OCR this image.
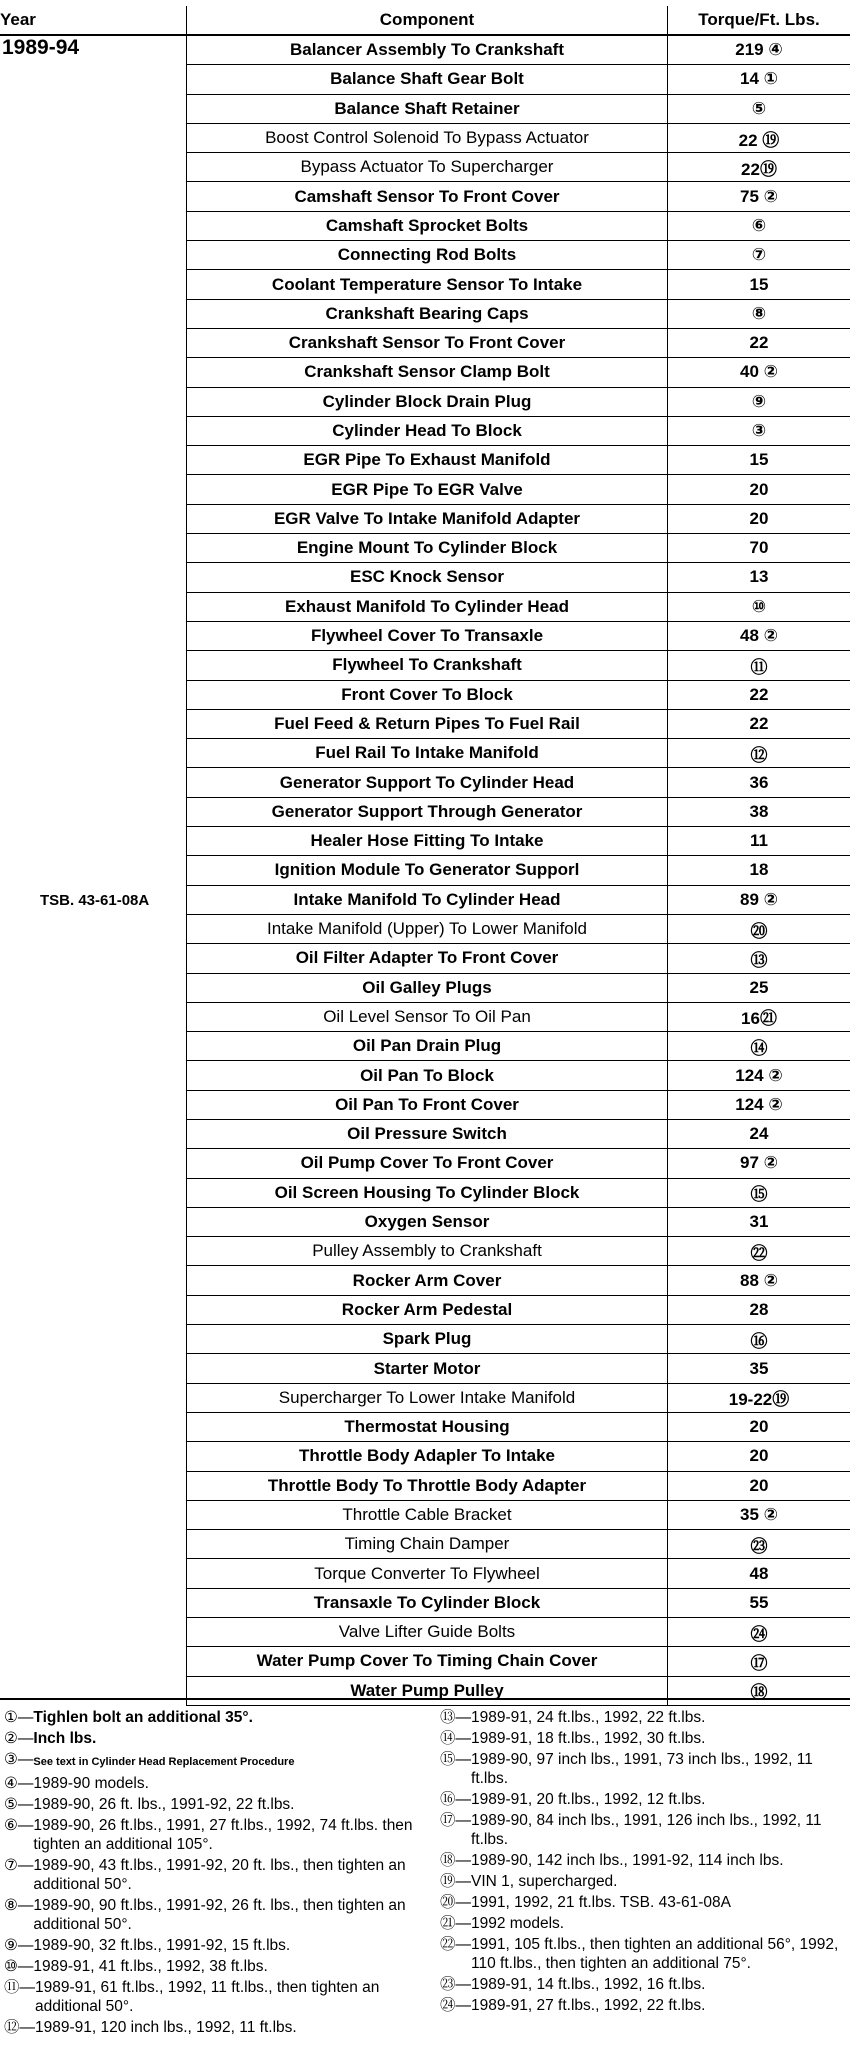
Year	Component	Torque/Ft. Lbs.

1989-94
TSB. 43-61-08A	Balancer Assembly To Crankshaft	219 ④
	Balance Shaft Gear Bolt	14 ①
	Balance Shaft Retainer	⑤
	Boost Control Solenoid To Bypass Actuator	22 ⑲
	Bypass Actuator To Supercharger	22⑲
	Camshaft Sensor To Front Cover	75 ②
	Camshaft Sprocket Bolts	⑥
	Connecting Rod Bolts	⑦
	Coolant Temperature Sensor To Intake	15
	Crankshaft Bearing Caps	⑧
	Crankshaft Sensor To Front Cover	22
	Crankshaft Sensor Clamp Bolt	40 ②
	Cylinder Block Drain Plug	⑨
	Cylinder Head To Block	③
	EGR Pipe To Exhaust Manifold	15
	EGR Pipe To EGR Valve	20
	EGR Valve To Intake Manifold Adapter	20
	Engine Mount To Cylinder Block	70
	ESC Knock Sensor	13
	Exhaust Manifold To Cylinder Head	⑩
	Flywheel Cover To Transaxle	48 ②
	Flywheel To Crankshaft	⑪
	Front Cover To Block	22
	Fuel Feed & Return Pipes To Fuel Rail	22
	Fuel Rail To Intake Manifold	⑫
	Generator Support To Cylinder Head	36
	Generator Support Through Generator	38
	Healer Hose Fitting To Intake	11
	Ignition Module To Generator Supporl	18
	Intake Manifold To Cylinder Head	89 ②
	Intake Manifold (Upper) To Lower Manifold	⑳
	Oil Filter Adapter To Front Cover	⑬
	Oil Galley Plugs	25
	Oil Level Sensor To Oil Pan	16㉑
	Oil Pan Drain Plug	⑭
	Oil Pan To Block	124 ②
	Oil Pan To Front Cover	124 ②
	Oil Pressure Switch	24
	Oil Pump Cover To Front Cover	97 ②
	Oil Screen Housing To Cylinder Block	⑮
	Oxygen Sensor	31
	Pulley Assembly to Crankshaft	㉒
	Rocker Arm Cover	88 ②
	Rocker Arm Pedestal	28
	Spark Plug	⑯
	Starter Motor	35
	Supercharger To Lower Intake Manifold	19-22⑲
	Thermostat Housing	20
	Throttle Body Adapler To Intake	20
	Throttle Body To Throttle Body Adapter	20
	Throttle Cable Bracket	35 ②
	Timing Chain Damper	㉓
	Torque Converter To Flywheel	48
	Transaxle To Cylinder Block	55
	Valve Lifter Guide Bolts	㉔
	Water Pump Cover To Timing Chain Cover	⑰
	Water Pump Pulley	⑱
① — Tighlen bolt an additional 35°.
② — Inch lbs.
③ — See text in Cylinder Head Replacement Procedure
④ — 1989-90 models.
⑤ — 1989-90, 26 ft. lbs., 1991-92, 22 ft.lbs.
⑥ — 1989-90, 26 ft.lbs., 1991, 27 ft.lbs., 1992, 74 ft.lbs. then tighten an additional 105°.
⑦ — 1989-90, 43 ft.lbs., 1991-92, 20 ft. lbs., then tighten an additional 50°.
⑧ — 1989-90, 90 ft.lbs., 1991-92, 26 ft. lbs., then tighten an additional 50°.
⑨ — 1989-90, 32 ft.lbs., 1991-92, 15 ft.lbs.
⑩ — 1989-91, 41 ft.lbs., 1992, 38 ft.lbs.
⑪ — 1989-91, 61 ft.lbs., 1992, 11 ft.lbs., then tighten an additional 50°.
⑫ — 1989-91, 120 inch lbs., 1992, 11 ft.lbs.
⑬ — 1989-91, 24 ft.lbs., 1992, 22 ft.lbs.
⑭ — 1989-91, 18 ft.lbs., 1992, 30 ft.lbs.
⑮ — 1989-90, 97 inch lbs., 1991, 73 inch lbs., 1992, 11 ft.lbs.
⑯ — 1989-91, 20 ft.lbs., 1992, 12 ft.lbs.
⑰ — 1989-90, 84 inch lbs., 1991, 126 inch lbs., 1992, 11 ft.lbs.
⑱ — 1989-90, 142 inch lbs., 1991-92, 114 inch lbs.
⑲ — VIN 1, supercharged.
⑳ — 1991, 1992, 21 ft.lbs. TSB. 43-61-08A
㉑ — 1992 models.
㉒ — 1991, 105 ft.lbs., then tighten an additional 56°, 1992, 110 ft.lbs., then tighten an additional 75°.
㉓ — 1989-91, 14 ft.lbs., 1992, 16 ft.lbs.
㉔ — 1989-91, 27 ft.lbs., 1992, 22 ft.lbs.
